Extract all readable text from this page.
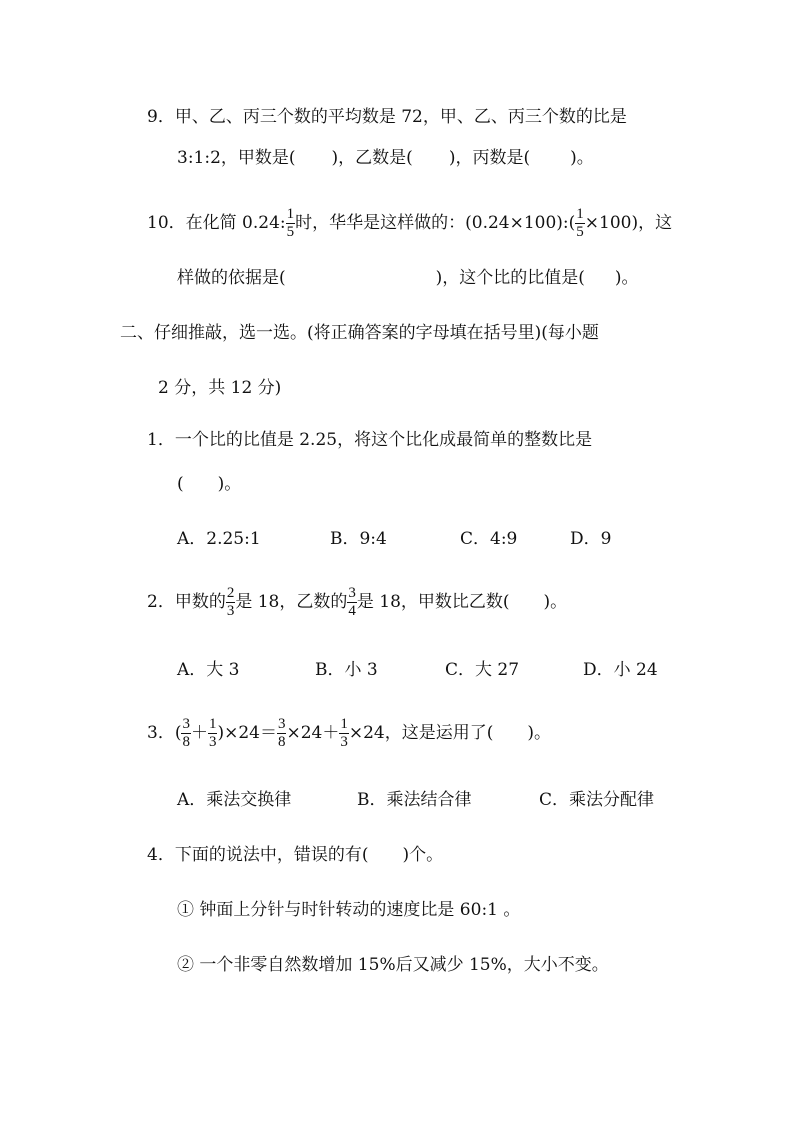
9．甲、乙、丙三个数的平均数是 72，甲、乙、丙三个数的比是
3:1:2，甲数是( )，乙数是( )，丙数是( )。
10．在化简 0.24: $\frac{1}{5}$ 时，华华是这样做的：(0.24×100):( $\frac{1}{5} \times 100$)，这
样做的依据是(	)，这个比的比值是( )。
二、仔细推敲，选一选。(将正确答案的字母填在括号里)(每小题
2 分，共 12 分)
1．一个比的比值是 2.25，将这个比化成最简单的整数比是
(　　)。
A．2.25:1	B．9:4	C．4:9	D．9
2．甲数的 $\frac{2}{3}$ 是 18，乙数的 $\frac{3}{4}$ 是 18，甲数比乙数(　　)。
A．大 3	B．小 3	C．大 27	D．小 24
3．( $\frac{3}{8} + \frac{1}{3} )\times 24= \frac{3}{8} \times 24+ \frac{1}{3} \times 24$，这是运用了(　　)。
A．乘法交换律	B．乘法结合律	C．乘法分配律
4．下面的说法中，错误的有(　　)个。
① 钟面上分针与时针转动的速度比是 60:1 。
② 一个非零自然数增加 15%后又减少 15%，大小不变。
